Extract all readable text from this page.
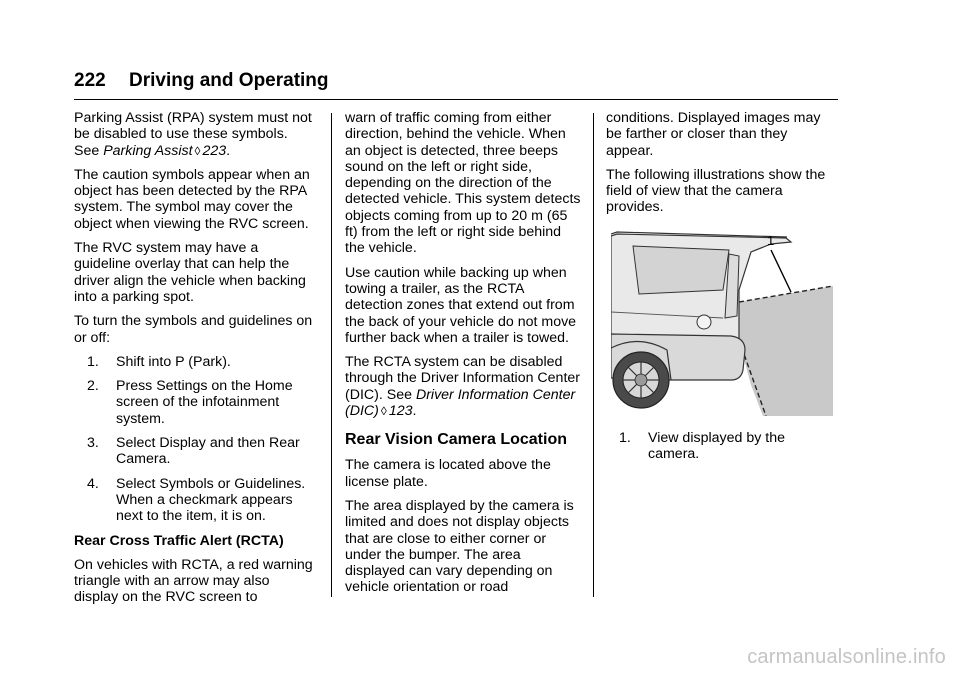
222 Driving and Operating

Parking Assist (RPA) system must not be disabled to use these symbols. See Parking Assist ◊ 223.

The caution symbols appear when an object has been detected by the RPA system. The symbol may cover the object when viewing the RVC screen.

The RVC system may have a guideline overlay that can help the driver align the vehicle when backing into a parking spot.

To turn the symbols and guidelines on or off:

1. Shift into P (Park).
2. Press Settings on the Home screen of the infotainment system.
3. Select Display and then Rear Camera.
4. Select Symbols or Guidelines. When a checkmark appears next to the item, it is on.

Rear Cross Traffic Alert (RCTA)

On vehicles with RCTA, a red warning triangle with an arrow may also display on the RVC screen to

warn of traffic coming from either direction, behind the vehicle. When an object is detected, three beeps sound on the left or right side, depending on the direction of the detected vehicle. This system detects objects coming from up to 20 m (65 ft) from the left or right side behind the vehicle.

Use caution while backing up when towing a trailer, as the RCTA detection zones that extend out from the back of your vehicle do not move further back when a trailer is towed.

The RCTA system can be disabled through the Driver Information Center (DIC). See Driver Information Center (DIC) ◊ 123.

Rear Vision Camera Location

The camera is located above the license plate.

The area displayed by the camera is limited and does not display objects that are close to either corner or under the bumper. The area displayed can vary depending on vehicle orientation or road

conditions. Displayed images may be farther or closer than they appear.

The following illustrations show the field of view that the camera provides.

1
1.	View displayed by the camera.
carmanualsonline.info
